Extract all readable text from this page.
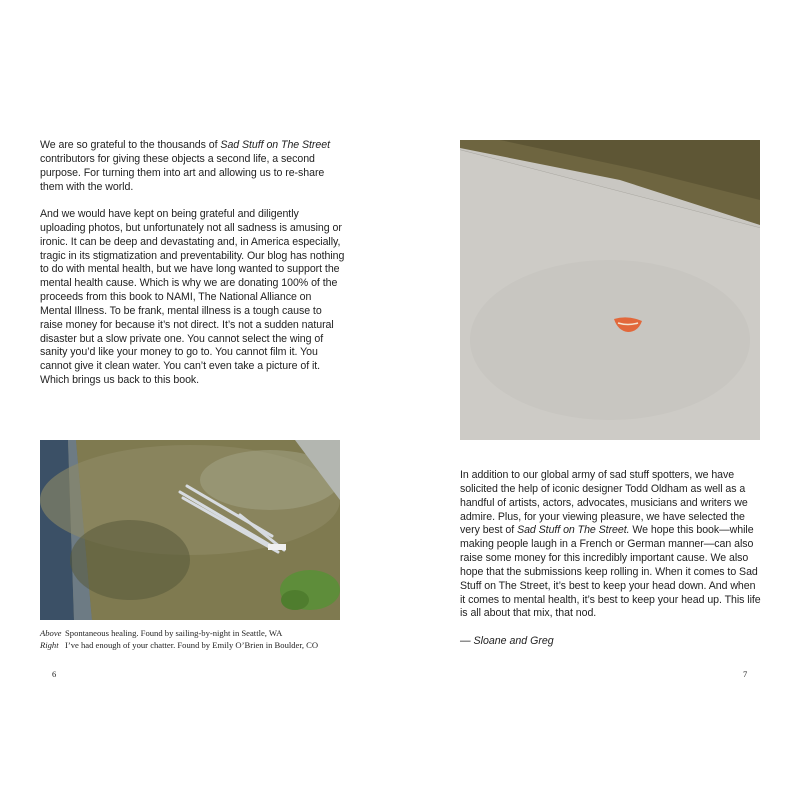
We are so grateful to the thousands of Sad Stuff on The Street contributors for giving these objects a second life, a second purpose. For turning them into art and allowing us to re-share them with the world.

And we would have kept on being grateful and diligently uploading photos, but unfortunately not all sadness is amusing or ironic. It can be deep and devastating and, in America especially, tragic in its stigmatization and preventability. Our blog has nothing to do with mental health, but we have long wanted to support the mental health cause. Which is why we are donating 100% of the proceeds from this book to NAMI, The National Alliance on Mental Illness. To be frank, mental illness is a tough cause to raise money for because it’s not direct. It’s not a sudden natural disaster but a slow private one. You cannot select the wing of sanity you’d like your money to go to. You cannot film it. You cannot give it clean water. You can’t even take a picture of it. Which brings us back to this book.

Above Spontaneous healing. Found by sailing-by-night in Seattle, WA
Right I’ve had enough of your chatter. Found by Emily O’Brien in Boulder, CO
6

In addition to our global army of sad stuff spotters, we have solicited the help of iconic designer Todd Oldham as well as a handful of artists, actors, advocates, musicians and writers we admire. Plus, for your viewing pleasure, we have selected the very best of Sad Stuff on The Street. We hope this book—while making people laugh in a French or German manner—can also raise some money for this incredibly important cause. We also hope that the submissions keep rolling in. When it comes to Sad Stuff on The Street, it’s best to keep your head down. And when it comes to mental health, it’s best to keep your head up. This life is all about that mix, that nod.

— Sloane and Greg
7
